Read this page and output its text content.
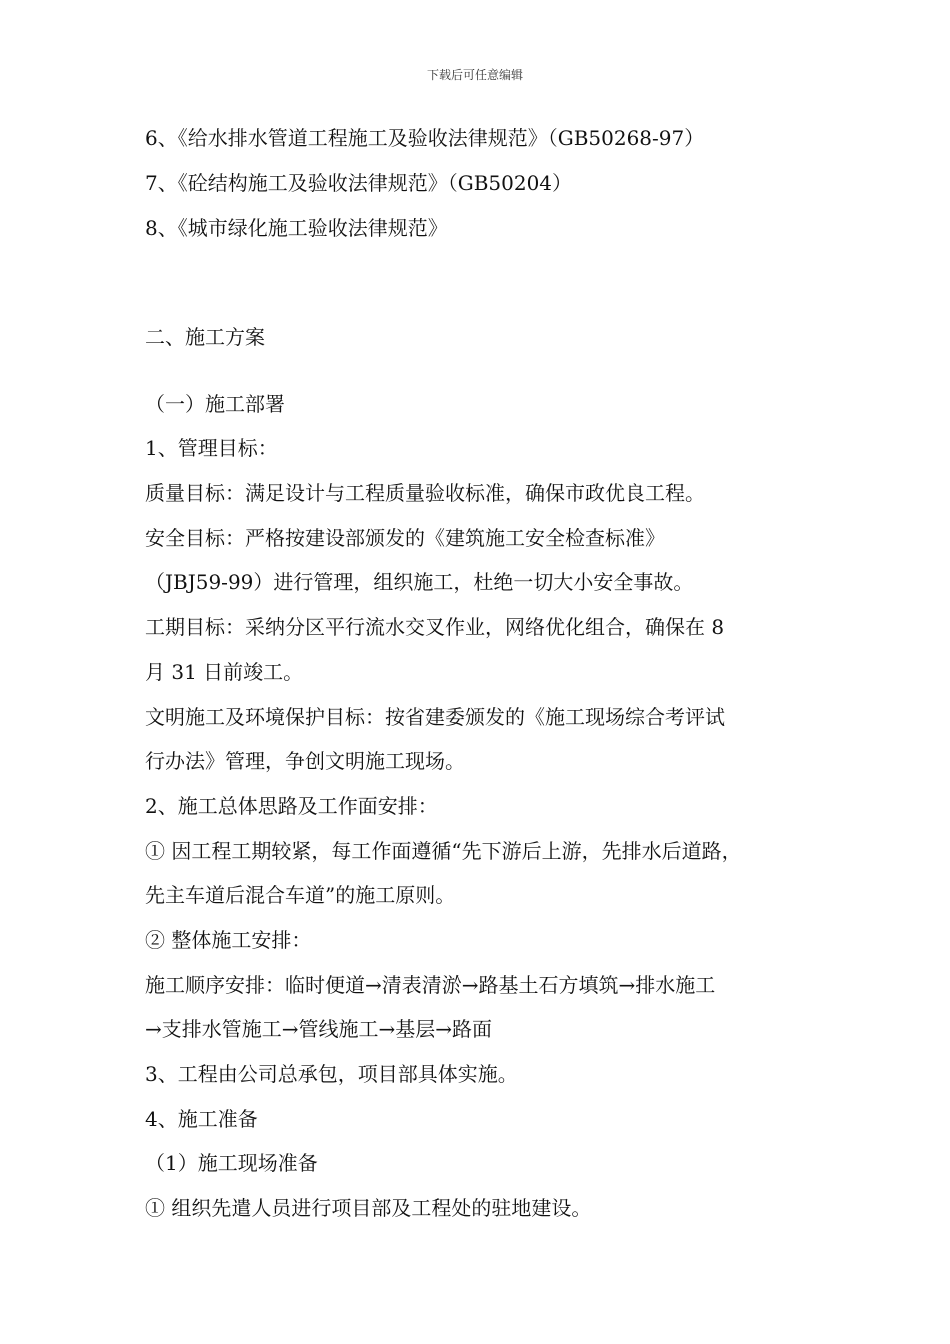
下载后可任意编辑
6、《给水排水管道工程施工及验收法律规范》（GB50268-97）
7、《砼结构施工及验收法律规范》（GB50204）
8、《城市绿化施工验收法律规范》
二、施工方案
（一）施工部署
1、管理目标：
质量目标：满足设计与工程质量验收标准，确保市政优良工程。
安全目标：严格按建设部颁发的《建筑施工安全检查标准》
（JBJ59-99）进行管理，组织施工，杜绝一切大小安全事故。
工期目标：采纳分区平行流水交叉作业，网络优化组合，确保在 8
月 31 日前竣工。
文明施工及环境保护目标：按省建委颁发的《施工现场综合考评试
行办法》管理，争创文明施工现场。
2、施工总体思路及工作面安排：
① 因工程工期较紧，每工作面遵循“先下游后上游，先排水后道路，
先主车道后混合车道”的施工原则。
② 整体施工安排：
施工顺序安排：临时便道→清表清淤→路基土石方填筑→排水施工
→支排水管施工→管线施工→基层→路面
3、工程由公司总承包，项目部具体实施。
4、施工准备
（1）施工现场准备
① 组织先遣人员进行项目部及工程处的驻地建设。
